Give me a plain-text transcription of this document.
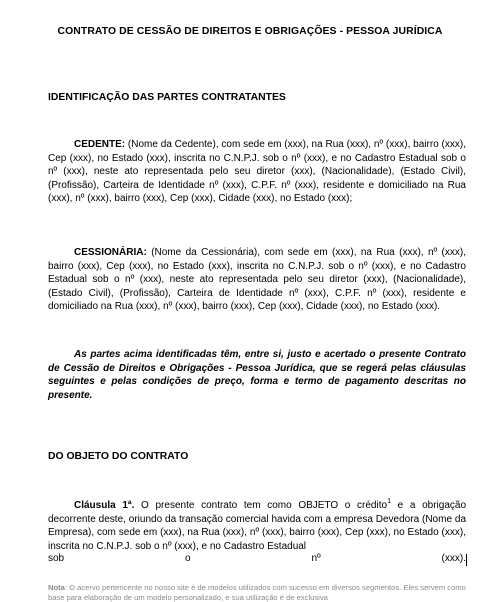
CONTRATO DE CESSÃO DE DIREITOS E OBRIGAÇÕES - PESSOA JURÍDICA
IDENTIFICAÇÃO DAS PARTES CONTRATANTES

CEDENTE: (Nome da Cedente), com sede em (xxx), na Rua (xxx), nº (xxx), bairro (xxx), Cep (xxx), no Estado (xxx), inscrita no C.N.P.J. sob o nº (xxx), e no Cadastro Estadual sob o nº (xxx), neste ato representada pelo seu diretor (xxx), (Nacionalidade), (Estado Civil), (Profissão), Carteira de Identidade nº (xxx), C.P.F. nº (xxx), residente e domiciliado na Rua (xxx), nº (xxx), bairro (xxx), Cep (xxx), Cidade (xxx), no Estado (xxx);

CESSIONÁRIA: (Nome da Cessionária), com sede em (xxx), na Rua (xxx), nº (xxx), bairro (xxx), Cep (xxx), no Estado (xxx), inscrita no C.N.P.J. sob o nº (xxx), e no Cadastro Estadual sob o nº (xxx), neste ato representada pelo seu diretor (xxx), (Nacionalidade), (Estado Civil), (Profissão), Carteira de Identidade nº (xxx), C.P.F. nº (xxx), residente e domiciliado na Rua (xxx), nº (xxx), bairro (xxx), Cep (xxx), Cidade (xxx), no Estado (xxx).

As partes acima identificadas têm, entre si, justo e acertado o presente Contrato de Cessão de Direitos e Obrigações - Pessoa Jurídica, que se regerá pelas cláusulas seguintes e pelas condições de preço, forma e termo de pagamento descritas no presente.

DO OBJETO DO CONTRATO

Cláusula 1ª. O presente contrato tem como OBJETO o crédito$^1$ e a obrigação decorrente deste, oriundo da transação comercial havida com a empresa Devedora (Nome da Empresa), com sede em (xxx), na Rua (xxx), nº (xxx), bairro (xxx), Cep (xxx), no Estado (xxx), inscrita no C.N.P.J. sob o nº (xxx), e no Cadastro Estadual

sob	o	nº	(xxx).
Nota: O acervo pertencente no nosso site é de modelos utilizados com sucesso em diversos segmentos. Eles servem como base para elaboração de um modelo personalizado, e sua utilização é de exclusiva
